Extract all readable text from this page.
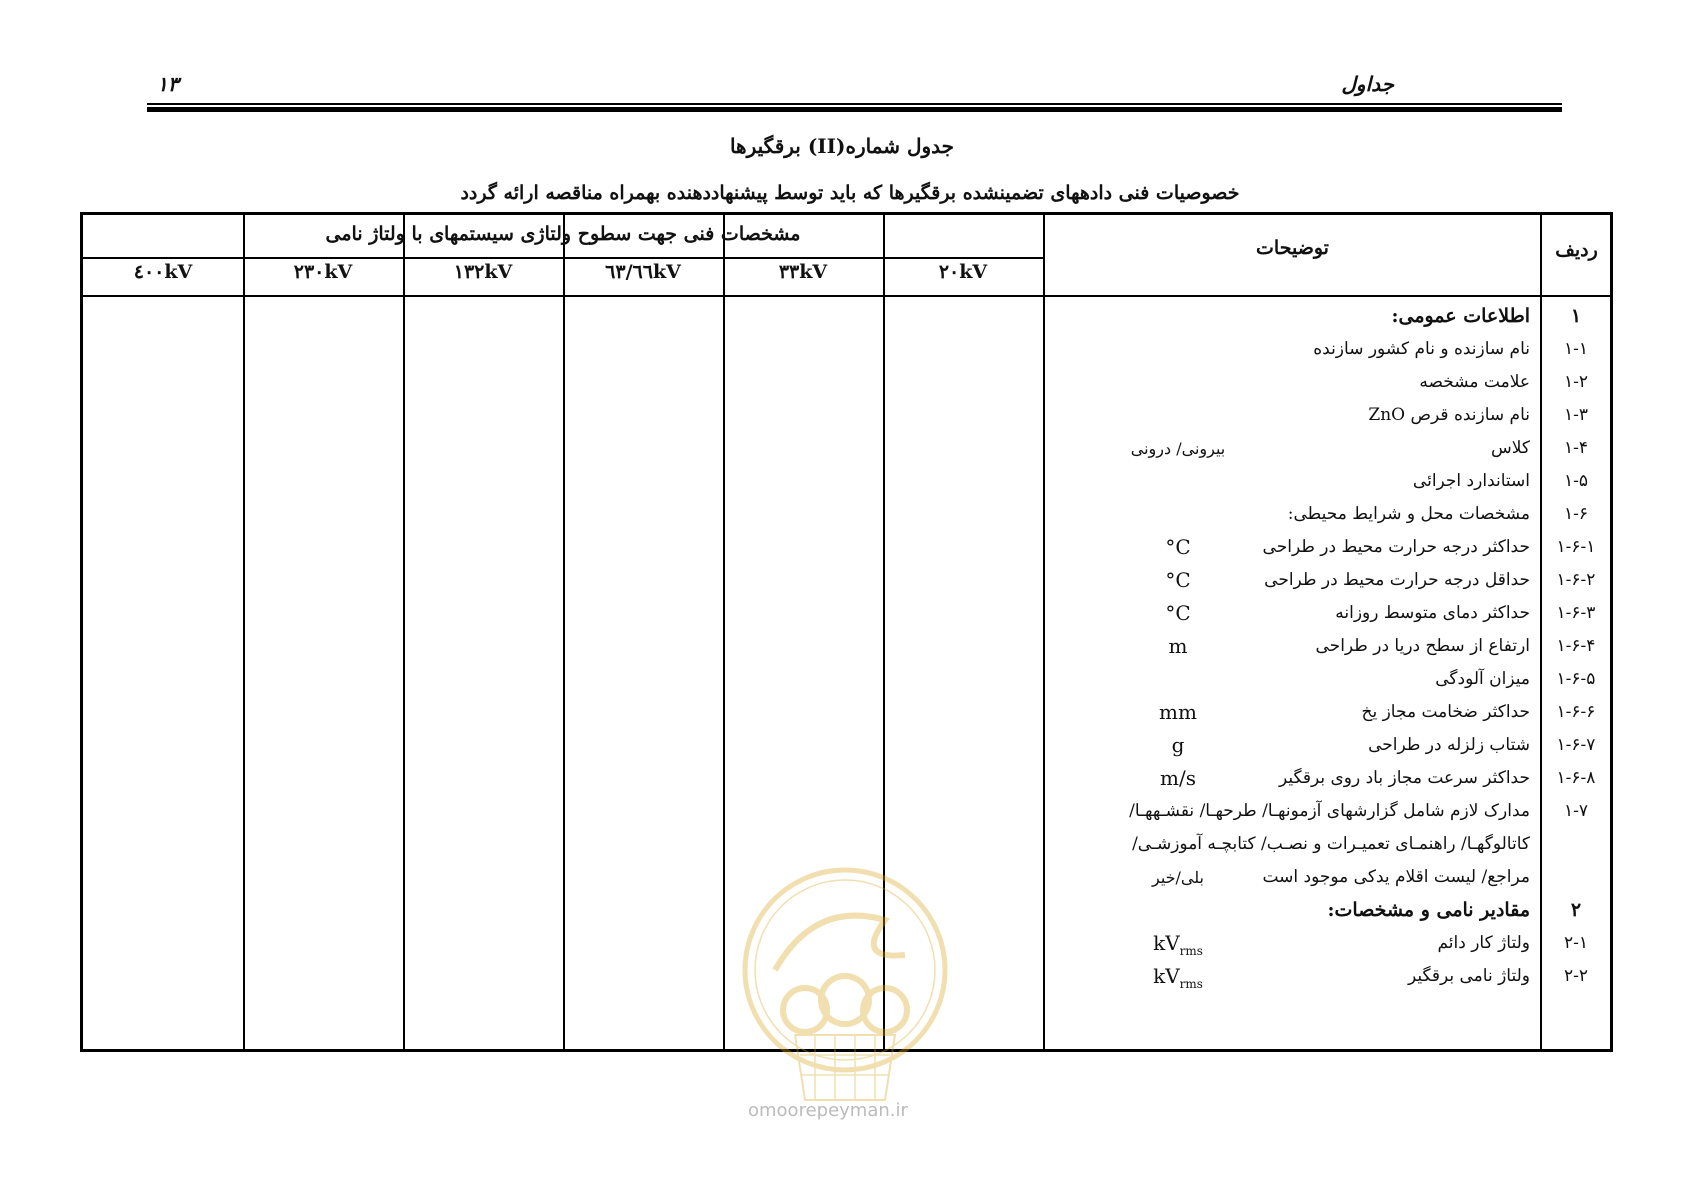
جداول
۱۳
جدول شماره(II) برقگیرها
خصوصیات فنی دادههای تضمینشده برقگیرها که باید توسط پیشنهاددهنده بهمراه مناقصه ارائه گردد
ردیف
توضیحات
مشخصات فنی جهت سطوح ولتاژی سیستمهای با ولتاژ نامی
۲۰kV
۳۳kV
٦۳/٦٦kV
۱۳۲kV
۲۳۰kV
٤۰۰kV
۱
اطلاعات عمومی:
۱-۱
نام سازنده و نام کشور سازنده
۱-۲
علامت مشخصه
۱-۳
نام سازنده قرص ZnO
۱-۴
کلاس
بیرونی/ درونی
۱-۵
استاندارد اجرائی
۱-۶
مشخصات محل و شرایط محیطی:
۱-۶-۱
حداکثر درجه حرارت محیط در طراحی
°C
۱-۶-۲
حداقل درجه حرارت محیط در طراحی
°C
۱-۶-۳
حداکثر دمای متوسط روزانه
°C
۱-۶-۴
ارتفاع از سطح دریا در طراحی
m
۱-۶-۵
میزان آلودگی
۱-۶-۶
حداکثر ضخامت مجاز یخ
mm
۱-۶-۷
شتاب زلزله در طراحی
g
۱-۶-۸
حداکثر سرعت مجاز باد روی برقگیر
m/s
۱-۷
مدارک لازم شامل گزارشهای آزمونهـا/ طرحهـا/ نقشـههـا/
کاتالوگهـا/ راهنمـای تعمیـرات و نصـب/ کتابچـه آموزشـی/
مراجع/ لیست اقلام یدکی موجود است
بلی/خیر
۲
مقادیر نامی و مشخصات:
۲-۱
ولتاژ کار دائم
$kV_{rms}$
۲-۲
ولتاژ نامی برقگیر
$kV_{rms}$
omoorepeyman.ir
